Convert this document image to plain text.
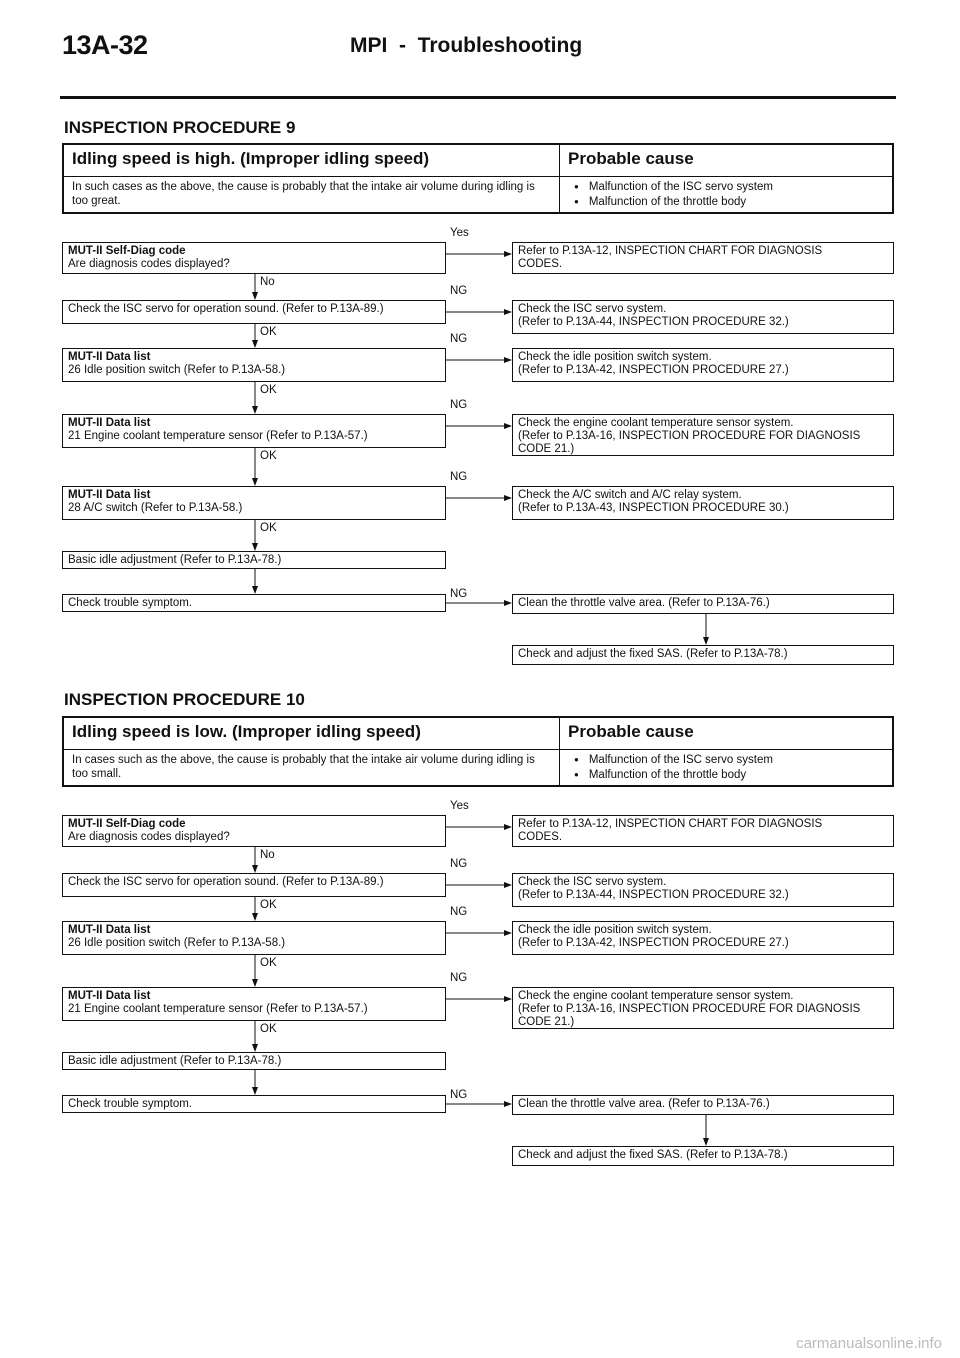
13A-32	MPI  -  Troubleshooting
INSPECTION PROCEDURE 9
Idling speed is high. (Improper idling speed)	Probable cause
In such cases as the above, the cause is probably that the intake air volume during idling is too great.
● Malfunction of the ISC servo system
● Malfunction of the throttle body
MUT-II Self-Diag code
Are diagnosis codes displayed?
Refer to P.13A-12, INSPECTION CHART FOR DIAGNOSIS
CODES.
Yes
No
Check the ISC servo for operation sound. (Refer to P.13A-89.)	Check the ISC servo system.
(Refer to P.13A-44, INSPECTION PROCEDURE 32.)
NG
OK
MUT-II Data list
26 Idle position switch (Refer to P.13A-58.)
Check the idle position switch system.
(Refer to P.13A-42, INSPECTION PROCEDURE 27.)
NG
OK
MUT-II Data list
21 Engine coolant temperature sensor (Refer to P.13A-57.)
Check the engine coolant temperature sensor system.
(Refer to P.13A-16, INSPECTION PROCEDURE FOR DIAGNOSIS
CODE 21.)
NG
OK
MUT-II Data list
28 A/C switch (Refer to P.13A-58.)
Check the A/C switch and A/C relay system.
(Refer to P.13A-43, INSPECTION PROCEDURE 30.)
NG
OK
Basic idle adjustment (Refer to P.13A-78.)
Check trouble symptom.
NG
Clean the throttle valve area. (Refer to P.13A-76.)
Check and adjust the fixed SAS. (Refer to P.13A-78.)
INSPECTION PROCEDURE 10
Idling speed is low. (Improper idling speed)	Probable cause
In cases such as the above, the cause is probably that the intake air volume during idling is too small.
● Malfunction of the ISC servo system
● Malfunction of the throttle body
MUT-II Self-Diag code
Are diagnosis codes displayed?
Refer to P.13A-12, INSPECTION CHART FOR DIAGNOSIS
CODES.
Yes
No
Check the ISC servo for operation sound. (Refer to P.13A-89.)	Check the ISC servo system.
(Refer to P.13A-44, INSPECTION PROCEDURE 32.)
NG
OK
MUT-II Data list
26 Idle position switch (Refer to P.13A-58.)
Check the idle position switch system.
(Refer to P.13A-42, INSPECTION PROCEDURE 27.)
NG
OK
MUT-II Data list
21 Engine coolant temperature sensor (Refer to P.13A-57.)
Check the engine coolant temperature sensor system.
(Refer to P.13A-16, INSPECTION PROCEDURE FOR DIAGNOSIS
CODE 21.)
NG
OK
Basic idle adjustment (Refer to P.13A-78.)
Check trouble symptom.
NG
Clean the throttle valve area. (Refer to P.13A-76.)
Check and adjust the fixed SAS. (Refer to P.13A-78.)
carmanualsonline.info
